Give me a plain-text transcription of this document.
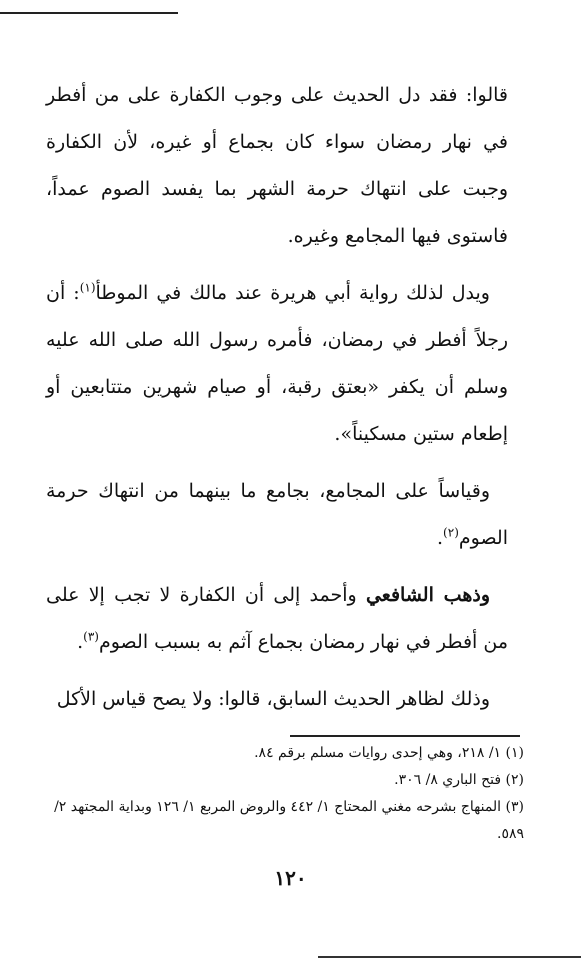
قالوا: فقد دل الحديث على وجوب الكفارة على من أفطر في نهار رمضان سواء كان بجماع أو غيره، لأن الكفارة وجبت على انتهاك حرمة الشهر بما يفسد الصوم عمداً، فاستوى فيها المجامع وغيره.

ويدل لذلك رواية أبي هريرة عند مالك في الموطأ$^{(١)}$: أن رجلاً أفطر في رمضان، فأمره رسول الله صلى الله عليه وسلم أن يكفر «بعتق رقبة، أو صيام شهرين متتابعين أو إطعام ستين مسكيناً».

وقياساً على المجامع، بجامع ما بينهما من انتهاك حرمة الصوم$^{(٢)}$.

وذهب الشافعي وأحمد إلى أن الكفارة لا تجب إلا على من أفطر في نهار رمضان بجماع آثم به بسبب الصوم$^{(٣)}$.

وذلك لظاهر الحديث السابق، قالوا: ولا يصح قياس الأكل

(١) ١/ ٢١٨، وهي إحدى روايات مسلم برقم ٨٤.

(٢) فتح الباري ٨/ ٣٠٦.

(٣) المنهاج بشرحه مغني المحتاج ١/ ٤٤٢ والروض المربع ١/ ١٢٦ وبداية المجتهد ٢/ ٥٨٩.

١٢٠
